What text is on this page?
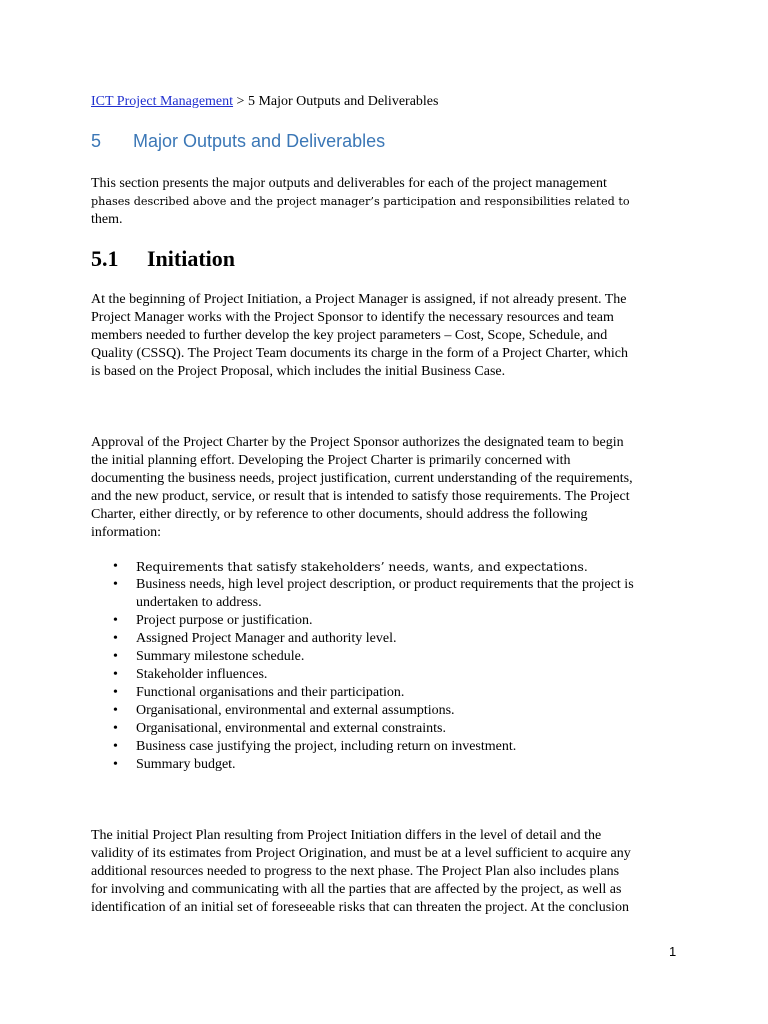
ICT Project Management > 5 Major Outputs and Deliverables
5 Major Outputs and Deliverables
This section presents the major outputs and deliverables for each of the project management
phases described above and the project manager’s participation and responsibilities related to
them.
5.1 Initiation
At the beginning of Project Initiation, a Project Manager is assigned, if not already present. The
Project Manager works with the Project Sponsor to identify the necessary resources and team
members needed to further develop the key project parameters – Cost, Scope, Schedule, and
Quality (CSSQ). The Project Team documents its charge in the form of a Project Charter, which
is based on the Project Proposal, which includes the initial Business Case.
Approval of the Project Charter by the Project Sponsor authorizes the designated team to begin
the initial planning effort. Developing the Project Charter is primarily concerned with
documenting the business needs, project justification, current understanding of the requirements,
and the new product, service, or result that is intended to satisfy those requirements. The Project
Charter, either directly, or by reference to other documents, should address the following
information:
• Requirements that satisfy stakeholders’ needs, wants, and expectations.
• Business needs, high level project description, or product requirements that the project is
undertaken to address.
• Project purpose or justification.
• Assigned Project Manager and authority level.
• Summary milestone schedule.
• Stakeholder influences.
• Functional organisations and their participation.
• Organisational, environmental and external assumptions.
• Organisational, environmental and external constraints.
• Business case justifying the project, including return on investment.
• Summary budget.
The initial Project Plan resulting from Project Initiation differs in the level of detail and the
validity of its estimates from Project Origination, and must be at a level sufficient to acquire any
additional resources needed to progress to the next phase. The Project Plan also includes plans
for involving and communicating with all the parties that are affected by the project, as well as
identification of an initial set of foreseeable risks that can threaten the project. At the conclusion
1
